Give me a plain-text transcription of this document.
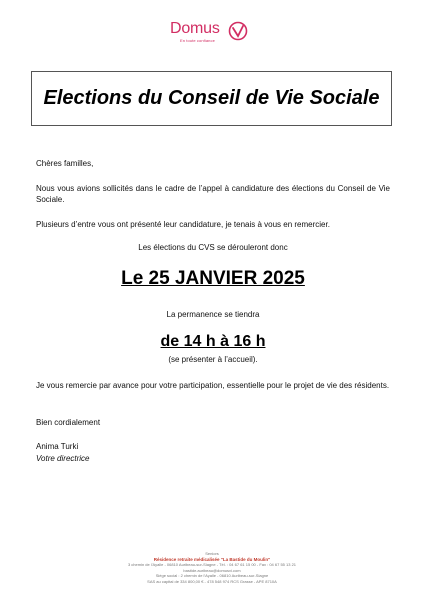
Domus
En toute confiance
Elections du Conseil de Vie Sociale

Chères familles,

Nous vous avions sollicités dans le cadre de l’appel à candidature des élections du Conseil de Vie Sociale.

Plusieurs d’entre vous ont présenté leur candidature, je tenais à vous en remercier.

Les élections du CVS se dérouleront donc

Le 25 JANVIER 2025

La permanence se tiendra

de 14 h à 16 h

(se présenter à l’accueil).

Je vous remercie par avance pour votre participation, essentielle pour le projet de vie des résidents.

Bien cordialement

Anima Turki

Votre directrice

Seniors
Résidence retraite médicalisée "La Bastide du Moulin"
3 chemin de l'Ayalle - 06810 Auribeau-sur-Siagne - Tél. : 04 67 61 15 00 - Fax : 04 67 55 13 21
bastide.auribeau@domusvi.com
Siège social : 2 chemin de l'Ayalle - 06810 Auribeau-sur-Siagne
SAS au capital de 334 800,00 € - 478 548 974 RCS Grasse - APE 8710A
